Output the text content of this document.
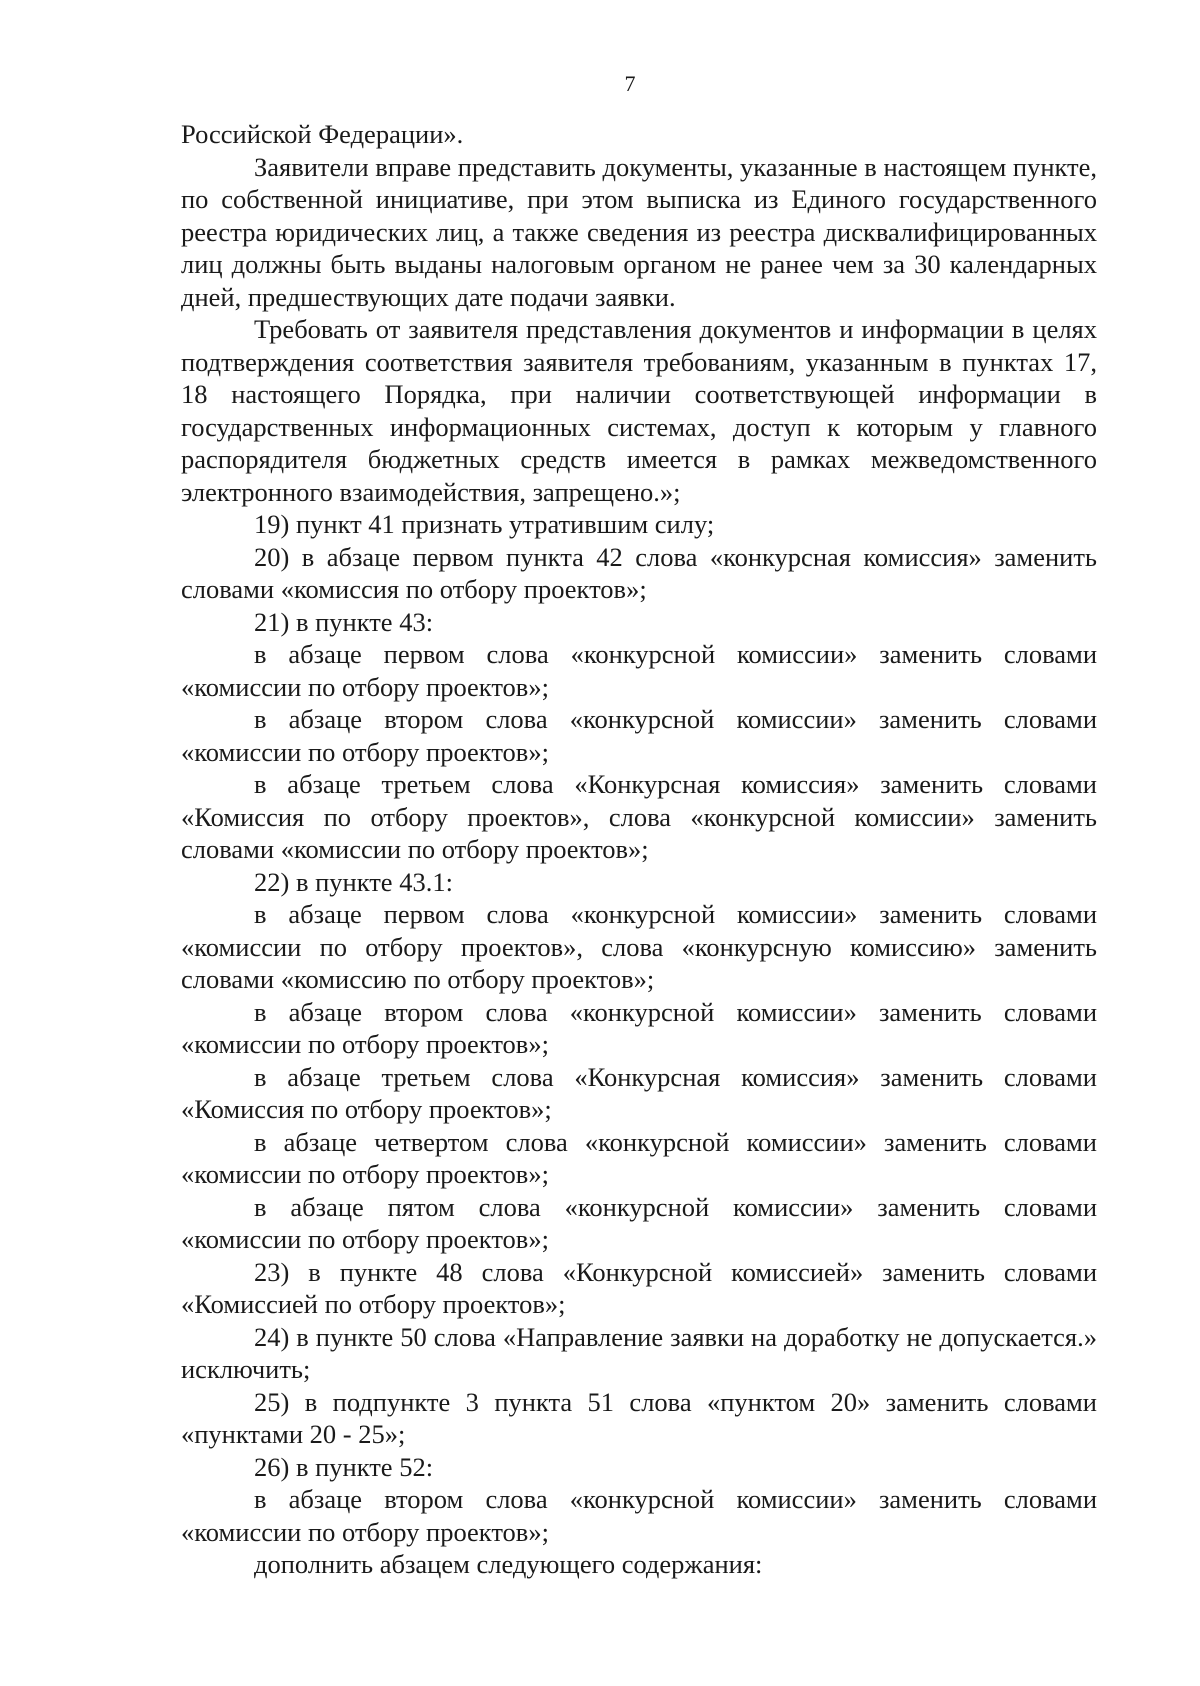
7

Российской Федерации».

Заявители вправе представить документы, указанные в настоящем пункте, по собственной инициативе, при этом выписка из Единого государственного реестра юридических лиц, а также сведения из реестра дисквалифицированных лиц должны быть выданы налоговым органом не ранее чем за 30 календарных дней, предшествующих дате подачи заявки.

Требовать от заявителя представления документов и информации в целях подтверждения соответствия заявителя требованиям, указанным в пунктах 17, 18 настоящего Порядка, при наличии соответствующей информации в государственных информационных системах, доступ к которым у главного распорядителя бюджетных средств имеется в рамках межведомственного электронного взаимодействия, запрещено.»;

19) пункт 41 признать утратившим силу;

20) в абзаце первом пункта 42 слова «конкурсная комиссия» заменить словами «комиссия по отбору проектов»;

21) в пункте 43:

в абзаце первом слова «конкурсной комиссии» заменить словами «комиссии по отбору проектов»;

в абзаце втором слова «конкурсной комиссии» заменить словами «комиссии по отбору проектов»;

в абзаце третьем слова «Конкурсная комиссия» заменить словами «Комиссия по отбору проектов», слова «конкурсной комиссии» заменить словами «комиссии по отбору проектов»;

22) в пункте 43.1:

в абзаце первом слова «конкурсной комиссии» заменить словами «комиссии по отбору проектов», слова «конкурсную комиссию» заменить словами «комиссию по отбору проектов»;

в абзаце втором слова «конкурсной комиссии» заменить словами «комиссии по отбору проектов»;

в абзаце третьем слова «Конкурсная комиссия» заменить словами «Комиссия по отбору проектов»;

в абзаце четвертом слова «конкурсной комиссии» заменить словами «комиссии по отбору проектов»;

в абзаце пятом слова «конкурсной комиссии» заменить словами «комиссии по отбору проектов»;

23) в пункте 48 слова «Конкурсной комиссией» заменить словами «Комиссией по отбору проектов»;

24) в пункте 50 слова «Направление заявки на доработку не допускается.» исключить;

25) в подпункте 3 пункта 51 слова «пунктом 20» заменить словами «пунктами 20 - 25»;

26) в пункте 52:

в абзаце втором слова «конкурсной комиссии» заменить словами «комиссии по отбору проектов»;

дополнить абзацем следующего содержания:
